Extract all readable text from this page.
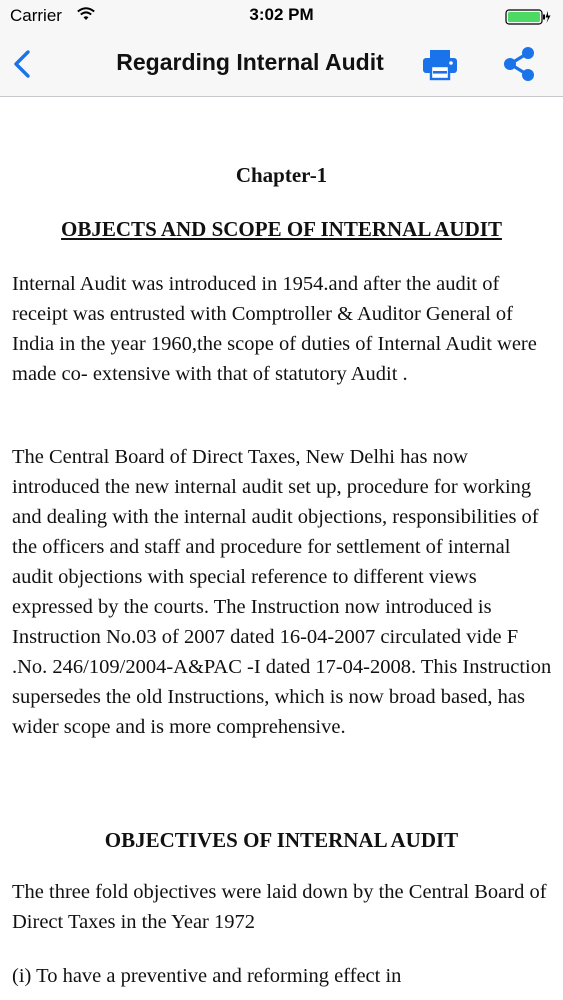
Carrier	3:02 PM
Regarding Internal Audit
Chapter-1
OBJECTS AND SCOPE OF INTERNAL AUDIT

Internal Audit was introduced in 1954.and after the audit of receipt was entrusted with Comptroller & Auditor General of India in the year 1960,the scope of duties of Internal Audit were made co- extensive with that of statutory Audit .

The Central Board of Direct Taxes, New Delhi has now introduced the new internal audit set up, procedure for working and dealing with the internal audit objections, responsibilities of the officers and staff and procedure for settlement of internal audit objections with special reference to different views expressed by the courts. The Instruction now introduced is Instruction No.03 of 2007 dated 16-04-2007 circulated vide F .No. 246/109/2004-A&PAC -I dated 17-04-2008. This Instruction supersedes the old Instructions, which is now broad based, has wider scope and is more comprehensive.

OBJECTIVES OF INTERNAL AUDIT

The three fold objectives were laid down by the Central Board of Direct Taxes in the Year 1972

(i) To have a preventive and reforming effect in
